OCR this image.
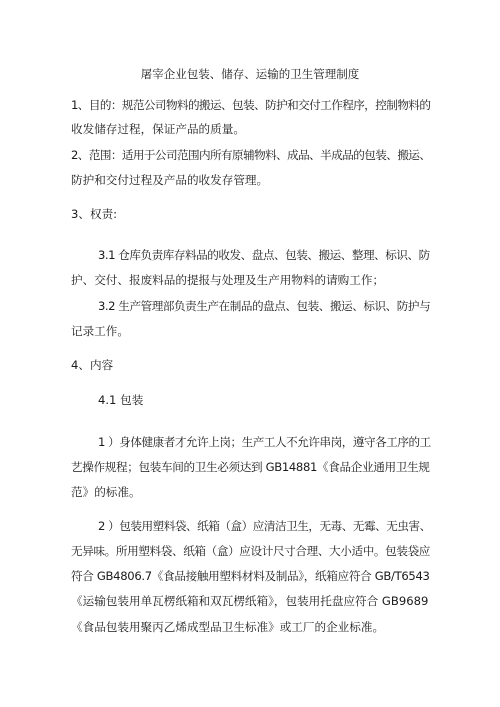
屠宰企业包装、储存、运输的卫生管理制度
1、目的：规范公司物料的搬运、包装、防护和交付工作程序，控制物料的
收发储存过程，保证产品的质量。
2、范围：适用于公司范围内所有原辅物料、成品、半成品的包装、搬运、
防护和交付过程及产品的收发存管理。
3、权责:
3.1 仓库负责库存料品的收发、盘点、包装、搬运、整理、标识、防
护、交付、报废料品的提报与处理及生产用物料的请购工作；
3.2 生产管理部负责生产在制品的盘点、包装、搬运、标识、防护与
记录工作。
4、内容
4.1 包装
1 ）身体健康者才允许上岗；生产工人不允许串岗，遵守各工序的工
艺操作规程；包装车间的卫生必须达到 GB14881《食品企业通用卫生规
范》的标准。
2 ）包装用塑料袋、纸箱（盒）应清洁卫生，无毒、无霉、无虫害、
无异味。所用塑料袋、纸箱（盒）应设计尺寸合理、大小适中。包装袋应
符合 GB4806.7《食品接触用塑料材料及制品》，纸箱应符合 GB/T6543
《运输包装用单瓦楞纸箱和双瓦楞纸箱》，包装用托盘应符合 GB9689
《食品包装用聚丙乙烯成型品卫生标准》或工厂的企业标准。
